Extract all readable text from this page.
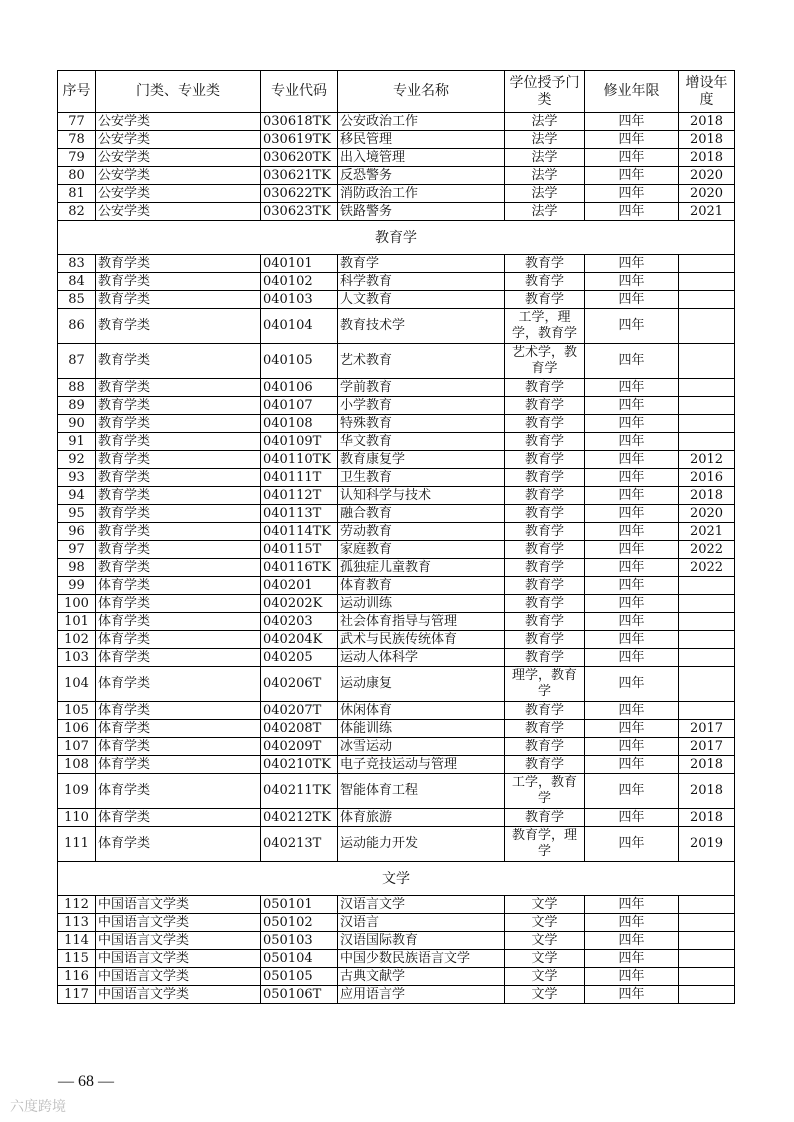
序号	门类、专业类	专业代码	专业名称	学位授予门类	修业年限	增设年度
77	公安学类	030618TK	公安政治工作	法学	四年	2018
78	公安学类	030619TK	移民管理	法学	四年	2018
79	公安学类	030620TK	出入境管理	法学	四年	2018
80	公安学类	030621TK	反恐警务	法学	四年	2020
81	公安学类	030622TK	消防政治工作	法学	四年	2020
82	公安学类	030623TK	铁路警务	法学	四年	2021
教育学						
83	教育学类	040101	教育学	教育学	四年	
84	教育学类	040102	科学教育	教育学	四年	
85	教育学类	040103	人文教育	教育学	四年	
86	教育学类	040104	教育技术学	工学，理学，教育学	四年	
87	教育学类	040105	艺术教育	艺术学，教育学	四年	
88	教育学类	040106	学前教育	教育学	四年	
89	教育学类	040107	小学教育	教育学	四年	
90	教育学类	040108	特殊教育	教育学	四年	
91	教育学类	040109T	华文教育	教育学	四年	
92	教育学类	040110TK	教育康复学	教育学	四年	2012
93	教育学类	040111T	卫生教育	教育学	四年	2016
94	教育学类	040112T	认知科学与技术	教育学	四年	2018
95	教育学类	040113T	融合教育	教育学	四年	2020
96	教育学类	040114TK	劳动教育	教育学	四年	2021
97	教育学类	040115T	家庭教育	教育学	四年	2022
98	教育学类	040116TK	孤独症儿童教育	教育学	四年	2022
99	体育学类	040201	体育教育	教育学	四年	
100	体育学类	040202K	运动训练	教育学	四年	
101	体育学类	040203	社会体育指导与管理	教育学	四年	
102	体育学类	040204K	武术与民族传统体育	教育学	四年	
103	体育学类	040205	运动人体科学	教育学	四年	
104	体育学类	040206T	运动康复	理学，教育学	四年	
105	体育学类	040207T	休闲体育	教育学	四年	
106	体育学类	040208T	体能训练	教育学	四年	2017
107	体育学类	040209T	冰雪运动	教育学	四年	2017
108	体育学类	040210TK	电子竞技运动与管理	教育学	四年	2018
109	体育学类	040211TK	智能体育工程	工学，教育学	四年	2018
110	体育学类	040212TK	体育旅游	教育学	四年	2018
111	体育学类	040213T	运动能力开发	教育学，理学	四年	2019
文学						
112	中国语言文学类	050101	汉语言文学	文学	四年	
113	中国语言文学类	050102	汉语言	文学	四年	
114	中国语言文学类	050103	汉语国际教育	文学	四年	
115	中国语言文学类	050104	中国少数民族语言文学	文学	四年	
116	中国语言文学类	050105	古典文献学	文学	四年	
117	中国语言文学类	050106T	应用语言学	文学	四年	
— 68 —
六度跨境
